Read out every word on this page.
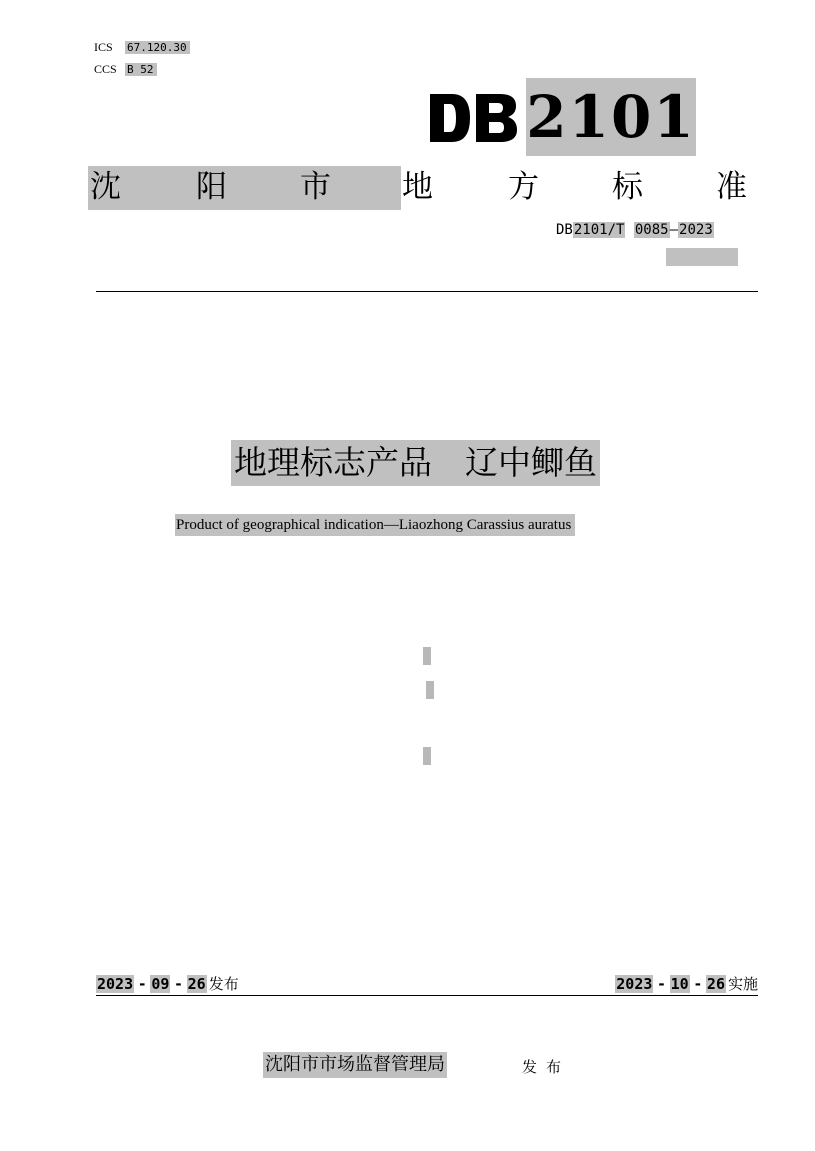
ICS 67.120.30
CCS B 52
2101
沈 阳 市 地 方 标 准
DB2101/T 0085—2023
地理标志产品　辽中鲫鱼
Product of geographical indication—Liaozhong Carassius auratus
2023 - 09 - 26 发布	2023 - 10 - 26 实施
沈阳市市场监督管理局	发布
